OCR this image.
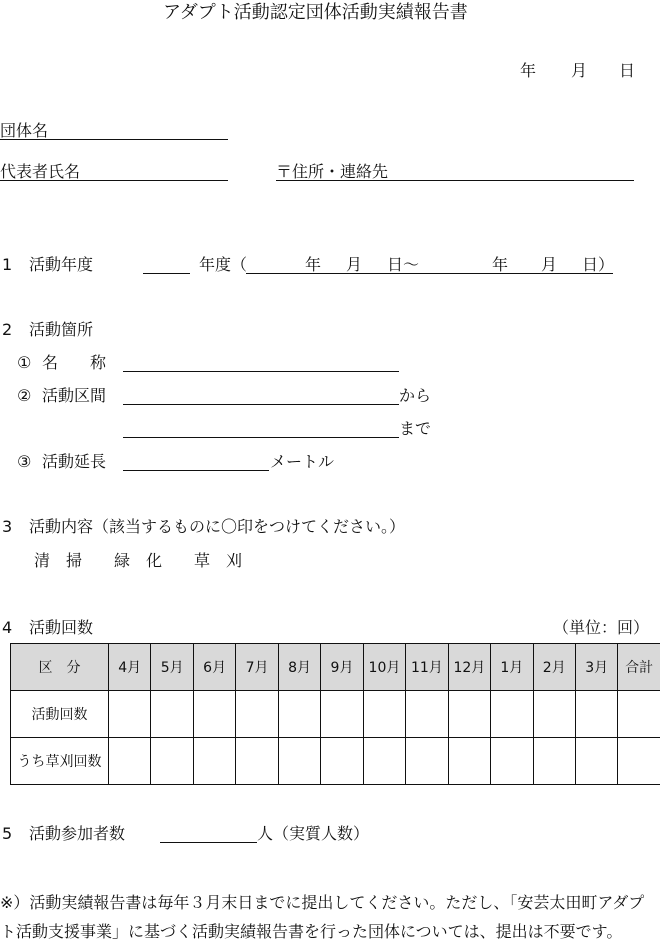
アダプト活動認定団体活動実績報告書
年 月 日
団体名
代表者氏名	〒住所・連絡先
1 活動年度	年度（	年 月 日～	年 月 日）
2 活動箇所
① 名　　称
② 活動区間	から
まで
③ 活動延長	メートル
3 活動内容（該当するものに〇印をつけてください。）
清　掃 緑　化 草　刈
4 活動回数	（単位：回）
区　分	4月	5月	6月	7月	8月	9月	10月	11月	12月	1月	2月	3月	合計
活動回数													
うち草刈回数													
5 活動参加者数	人（実質人数）
※）活動実績報告書は毎年３月末日までに提出してください。ただし、「安芸太田町アダプト活動支援事業」に基づく活動実績報告書を行った団体については、提出は不要です。
